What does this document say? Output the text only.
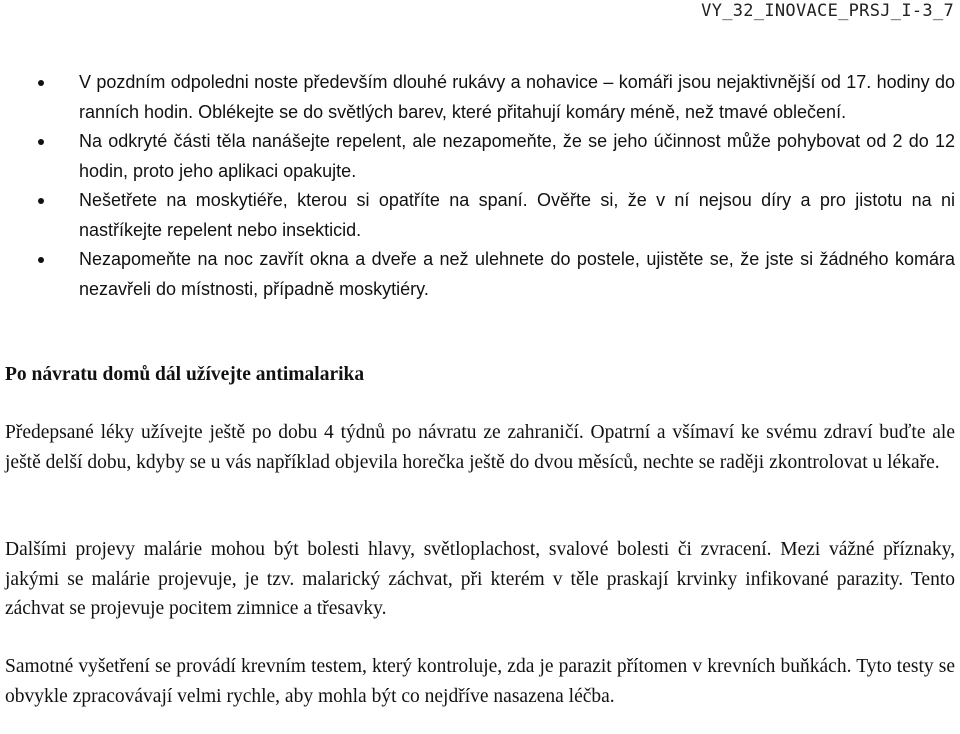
VY_32_INOVACE_PRSJ_I-3_7
V pozdním odpoledni noste především dlouhé rukávy a nohavice – komáři jsou nejaktivnější od 17. hodiny do ranních hodin. Oblékejte se do světlých barev, které přitahují komáry méně, než tmavé oblečení.
Na odkryté části těla nanášejte repelent, ale nezapomeňte, že se jeho účinnost může pohybovat od 2 do 12 hodin, proto jeho aplikaci opakujte.
Nešetřete na moskytiéře, kterou si opatříte na spaní. Ověřte si, že v ní nejsou díry a pro jistotu na ni nastříkejte repelent nebo insekticid.
Nezapomeňte na noc zavřít okna a dveře a než ulehnete do postele, ujistěte se, že jste si žádného komára nezavřeli do místnosti, případně moskytiéry.
Po návratu domů dál užívejte antimalarika

Předepsané léky užívejte ještě po dobu 4 týdnů po návratu ze zahraničí. Opatrní a všímaví ke svému zdraví buďte ale ještě delší dobu, kdyby se u vás například objevila horečka ještě do dvou měsíců, nechte se raději zkontrolovat u lékaře.

Dalšími projevy malárie mohou být bolesti hlavy, světloplachost, svalové bolesti či zvracení. Mezi vážné příznaky, jakými se malárie projevuje, je tzv. malarický záchvat, při kterém v těle praskají krvinky infikované parazity. Tento záchvat se projevuje pocitem zimnice a třesavky.

Samotné vyšetření se provádí krevním testem, který kontroluje, zda je parazit přítomen v krevních buňkách. Tyto testy se obvykle zpracovávají velmi rychle, aby mohla být co nejdříve nasazena léčba.
